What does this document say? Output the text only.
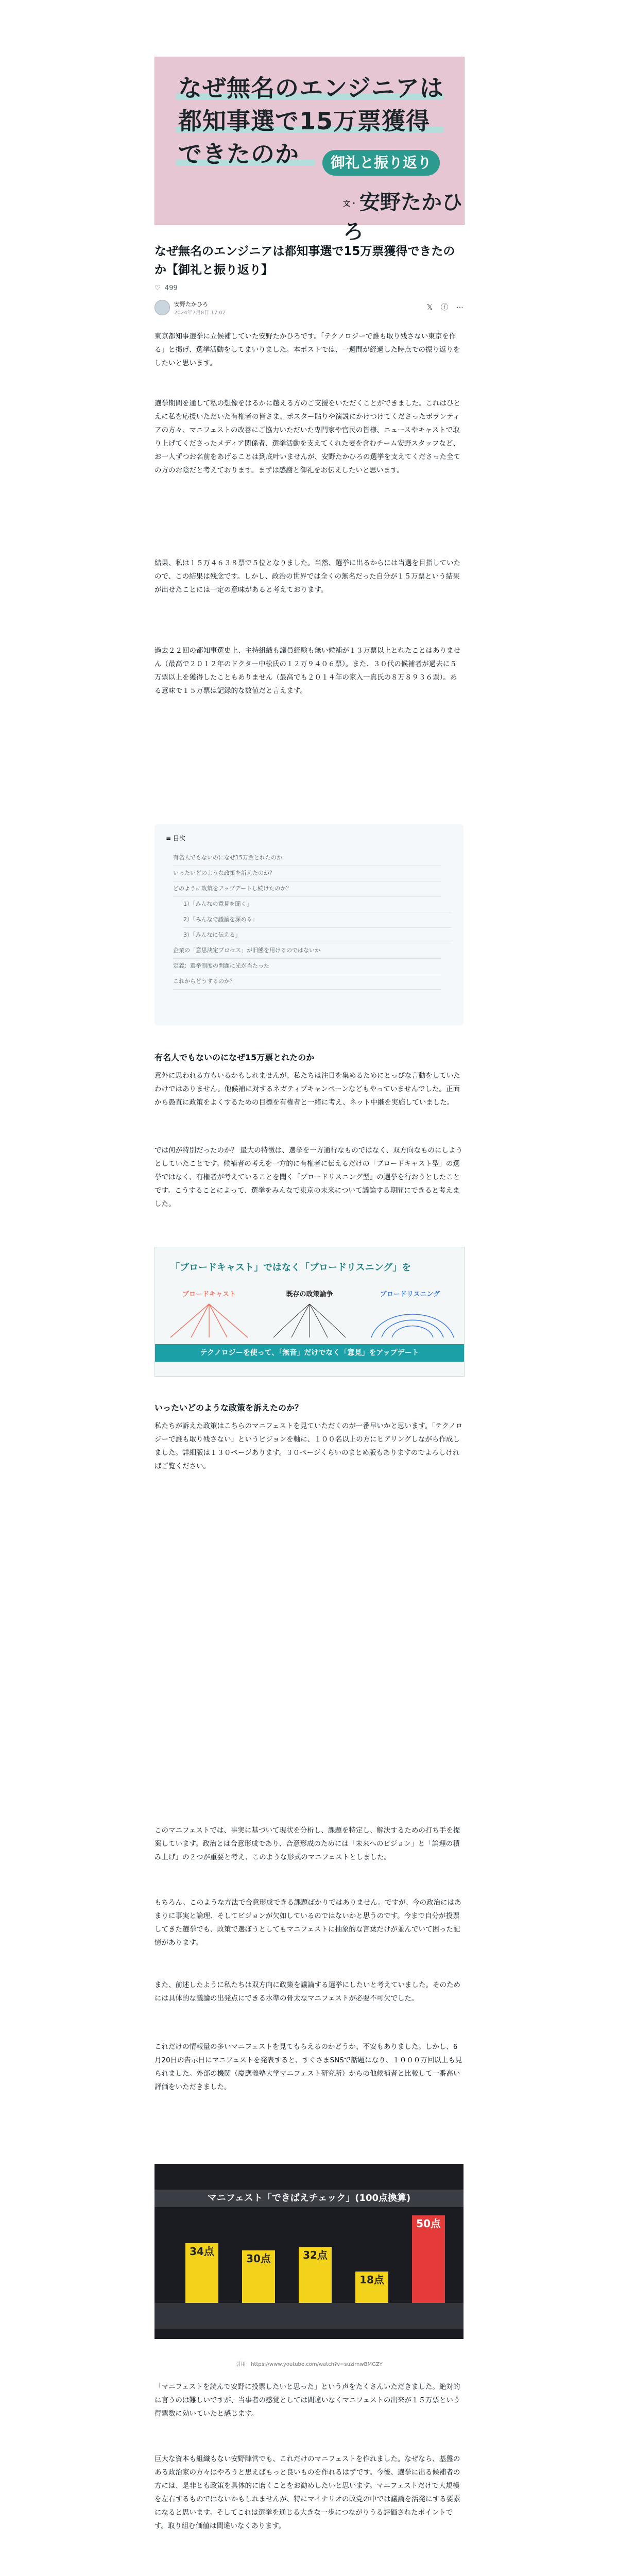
なぜ無名のエンジニアは
都知事選で15万票獲得
できたのか	御礼と振り返り
文・ 安野たかひろ
なぜ無名のエンジニアは都知事選で15万票獲得できたのか【御礼と振り返り】
♡ 499
安野たかひろ
2024年7月8日 17:02
𝕏 ⓕ ⋯

東京都知事選挙に立候補していた安野たかひろです。「テクノロジーで誰も取り残さない東京を作る」と掲げ、選挙活動をしてまいりました。本ポストでは、一週間が経過した時点での振り返りをしたいと思います。

選挙期間を通して私の想像をはるかに越える方のご支援をいただくことができました。これはひとえに私を応援いただいた有権者の皆さま、ポスター貼りや演説にかけつけてくださったボランティアの方々、マニフェストの改善にご協力いただいた専門家や官民の皆様、ニュースやキャストで取り上げてくださったメディア関係者、選挙活動を支えてくれた妻を含むチーム安野スタッフなど、お一人ずつお名前をあげることは到底叶いませんが、安野たかひろの選挙を支えてくださった全ての方のお陰だと考えております。まずは感謝と御礼をお伝えしたいと思います。

結果、私は１５万４６３８票で５位となりました。当然、選挙に出るからには当選を目指していたので、この結果は残念です。しかし、政治の世界では全くの無名だった自分が１５万票という結果が出せたことには一定の意味があると考えております。

過去２２回の都知事選史上、主持組織も議員経験も無い候補が１３万票以上とれたことはありません（最高で２０１２年のドクター中松氏の１２万９４０６票）。また、３０代の候補者が過去に５万票以上を獲得したこともありません（最高でも２０１４年の家入一真氏の８万８９３６票）。ある意味で１５万票は記録的な数値だと言えます。

≡ 目次
有名人でもないのになぜ15万票とれたのか
いったいどのような政策を訴えたのか？
どのように政策をアップデートし続けたのか？
1）「みんなの意見を聞く」
2）「みんなで議論を深める」
3）「みんなに伝える」
企業の「意思決定プロセス」が旧態を用けるのではないか
定義：選挙制度の問題に光が当たった
これからどうするのか？
有名人でもないのになぜ15万票とれたのか

意外に思われる方もいるかもしれませんが、私たちは注目を集めるためにとっぴな言動をしていたわけではありません。他候補に対するネガティブキャンペーンなどもやっていませんでした。正面から愚直に政策をよくするための目標を有権者と一緒に考え、ネット中継を実施していました。

では何が特別だったのか？ 最大の特徴は、選挙を一方通行なものではなく、双方向なものにしようとしていたことです。候補者の考えを一方的に有権者に伝えるだけの「ブロードキャスト型」の選挙ではなく、有権者が考えていることを聞く「ブロードリスニング型」の選挙を行おうとしたことです。こうすることによって、選挙をみんなで東京の未来について議論する期間にできると考えました。

「ブロードキャスト」ではなく「ブロードリスニング」を
ブロードキャスト	既存の政策論争	ブロードリスニング
テクノロジーを使って、「無音」だけでなく「意見」をアップデート
いったいどのような政策を訴えたのか？

私たちが訴えた政策はこちらのマニフェストを見ていただくのが一番早いかと思います。「テクノロジーで誰も取り残さない」というビジョンを軸に、１００名以上の方にヒアリングしながら作成しました。詳細版は１３０ページあります。３０ページくらいのまとめ版もありますのでよろしければご覧ください。

このマニフェストでは、事実に基づいて現状を分析し、課題を特定し、解決するための打ち手を提案しています。政治とは合意形成であり、合意形成のためには「未来へのビジョン」と「論理の積み上げ」の２つが重要と考え、このような形式のマニフェストとしました。

もちろん、このような方法で合意形成できる課題ばかりではありません。ですが、今の政治にはあまりに事実と論理、そしてビジョンが欠如しているのではないかと思うのです。今まで自分が投票してきた選挙でも、政策で選ぼうとしてもマニフェストに抽象的な言葉だけが並んでいて困った記憶があります。

また、前述したように私たちは双方向に政策を議論する選挙にしたいと考えていました。そのためには具体的な議論の出発点にできる水準の骨太なマニフェストが必要不可欠でした。

これだけの情報量の多いマニフェストを見てもらえるのかどうか、不安もありました。しかし、6月20日の告示日にマニフェストを発表すると、すぐさまSNSで話題になり、１０００万回以上も見られました。外部の機関（慶應義塾大学マニフェスト研究所）からの他候補者と比較して一番高い評価をいただきました。

マニフェスト「できばえチェック」(100点換算)
34点
30点	32点
18点
50点
引用：https://www.youtube.com/watch?v=suzirnwBMGZY

「マニフェストを読んで安野に投票したいと思った」という声をたくさんいただきました。絶対的に言うのは難しいですが、当事者の感覚としては間違いなくマニフェストの出来が１５万票という得票数に効いていたと感じます。

巨大な資本も組織もない安野陣営でも、これだけのマニフェストを作れました。なぜなら、基盤のある政治家の方々はやろうと思えばもっと良いものを作れるはずです。今後、選挙に出る候補者の方には、是非とも政策を具体的に磨くことをお勧めしたいと思います。マニフェストだけで大規模を左右するものではないかもしれませんが、特にマイナリオの政党の中では議論を活発にする要素になると思います。そしてこれは選挙を通じる大きな一歩につながりうる評価されたポイントです。取り組む価値は間違いなくあります。
